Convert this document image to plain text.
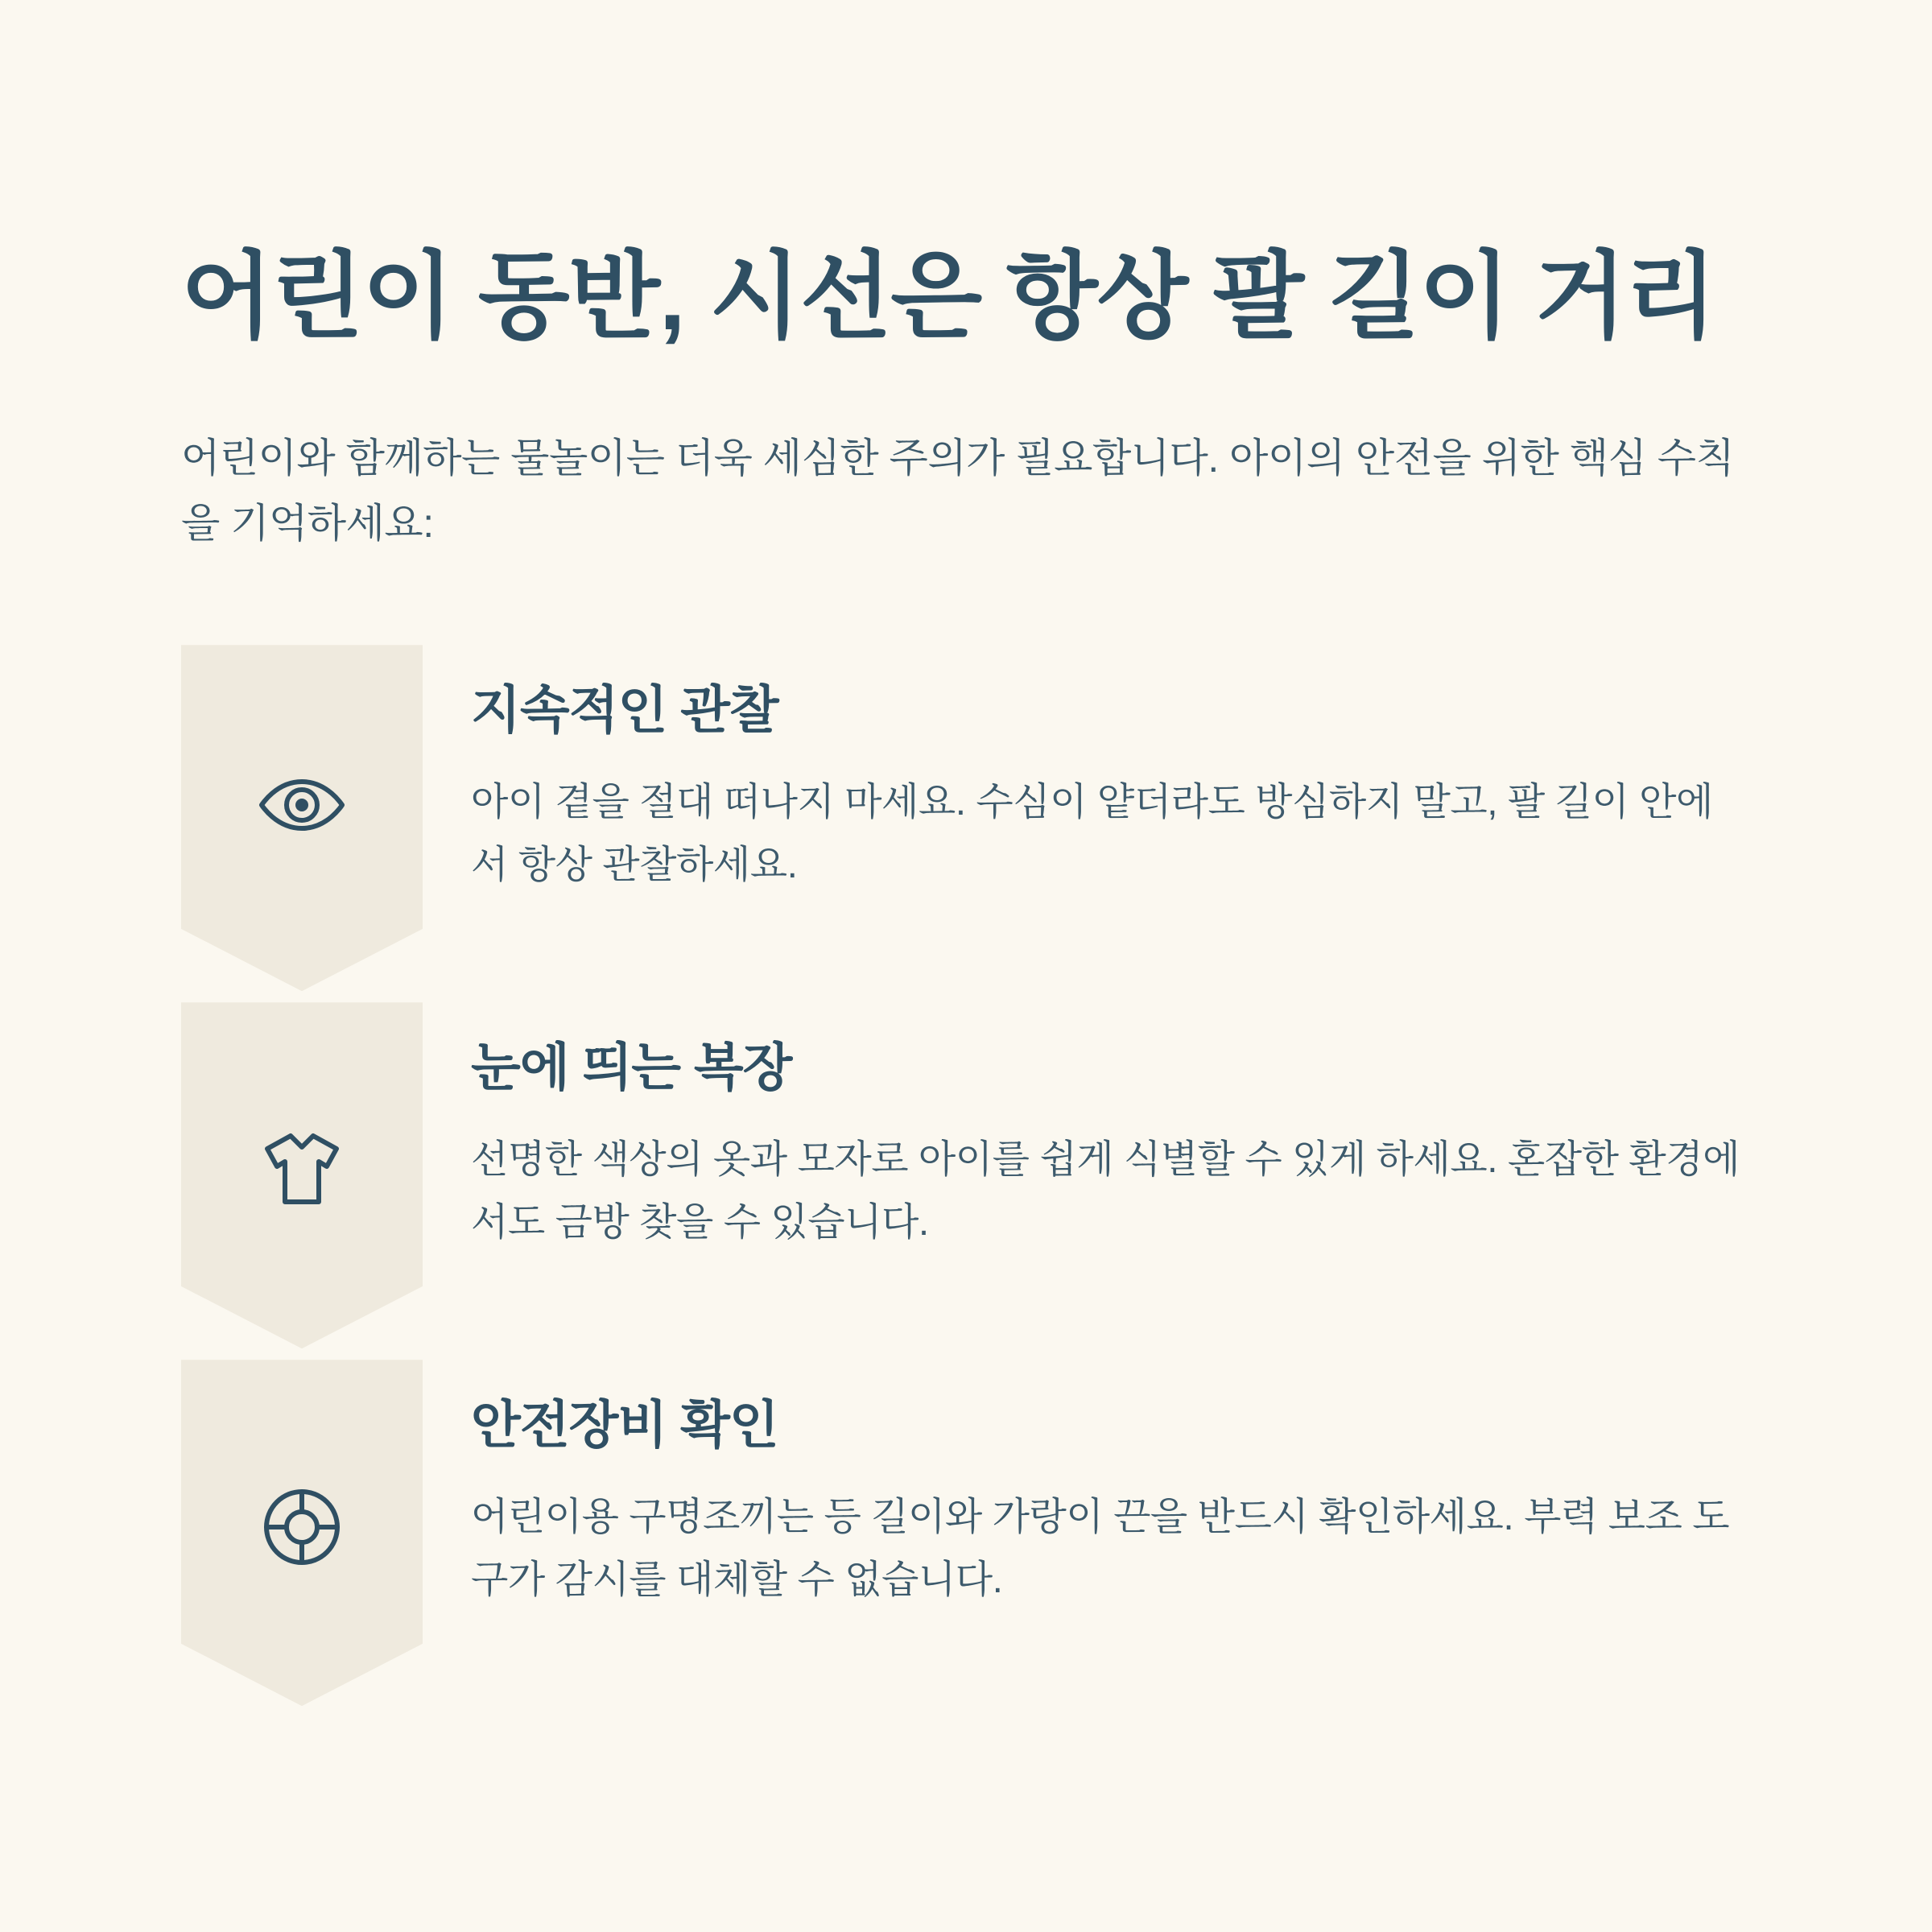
어린이 동반, 시선은 항상 팔 길이 거리

어린이와 함께하는 물놀이는 더욱 세심한 주의가 필요합니다. 아이의 안전을 위한 핵심 수칙을 기억하세요:

지속적인 관찰

아이 곁을 절대 떠나지 마세요. 수심이 얕더라도 방심하지 말고, 팔 길이 안에서 항상 관찰하세요.

눈에 띄는 복장

선명한 색상의 옷과 모자로 아이를 쉽게 식별할 수 있게 하세요. 혼잡한 환경에서도 금방 찾을 수 있습니다.

안전장비 확인

어린이용 구명조끼는 등 길이와 가랑이 끈을 반드시 확인하세요. 부력 보조 도구가 감시를 대체할 수 없습니다.
